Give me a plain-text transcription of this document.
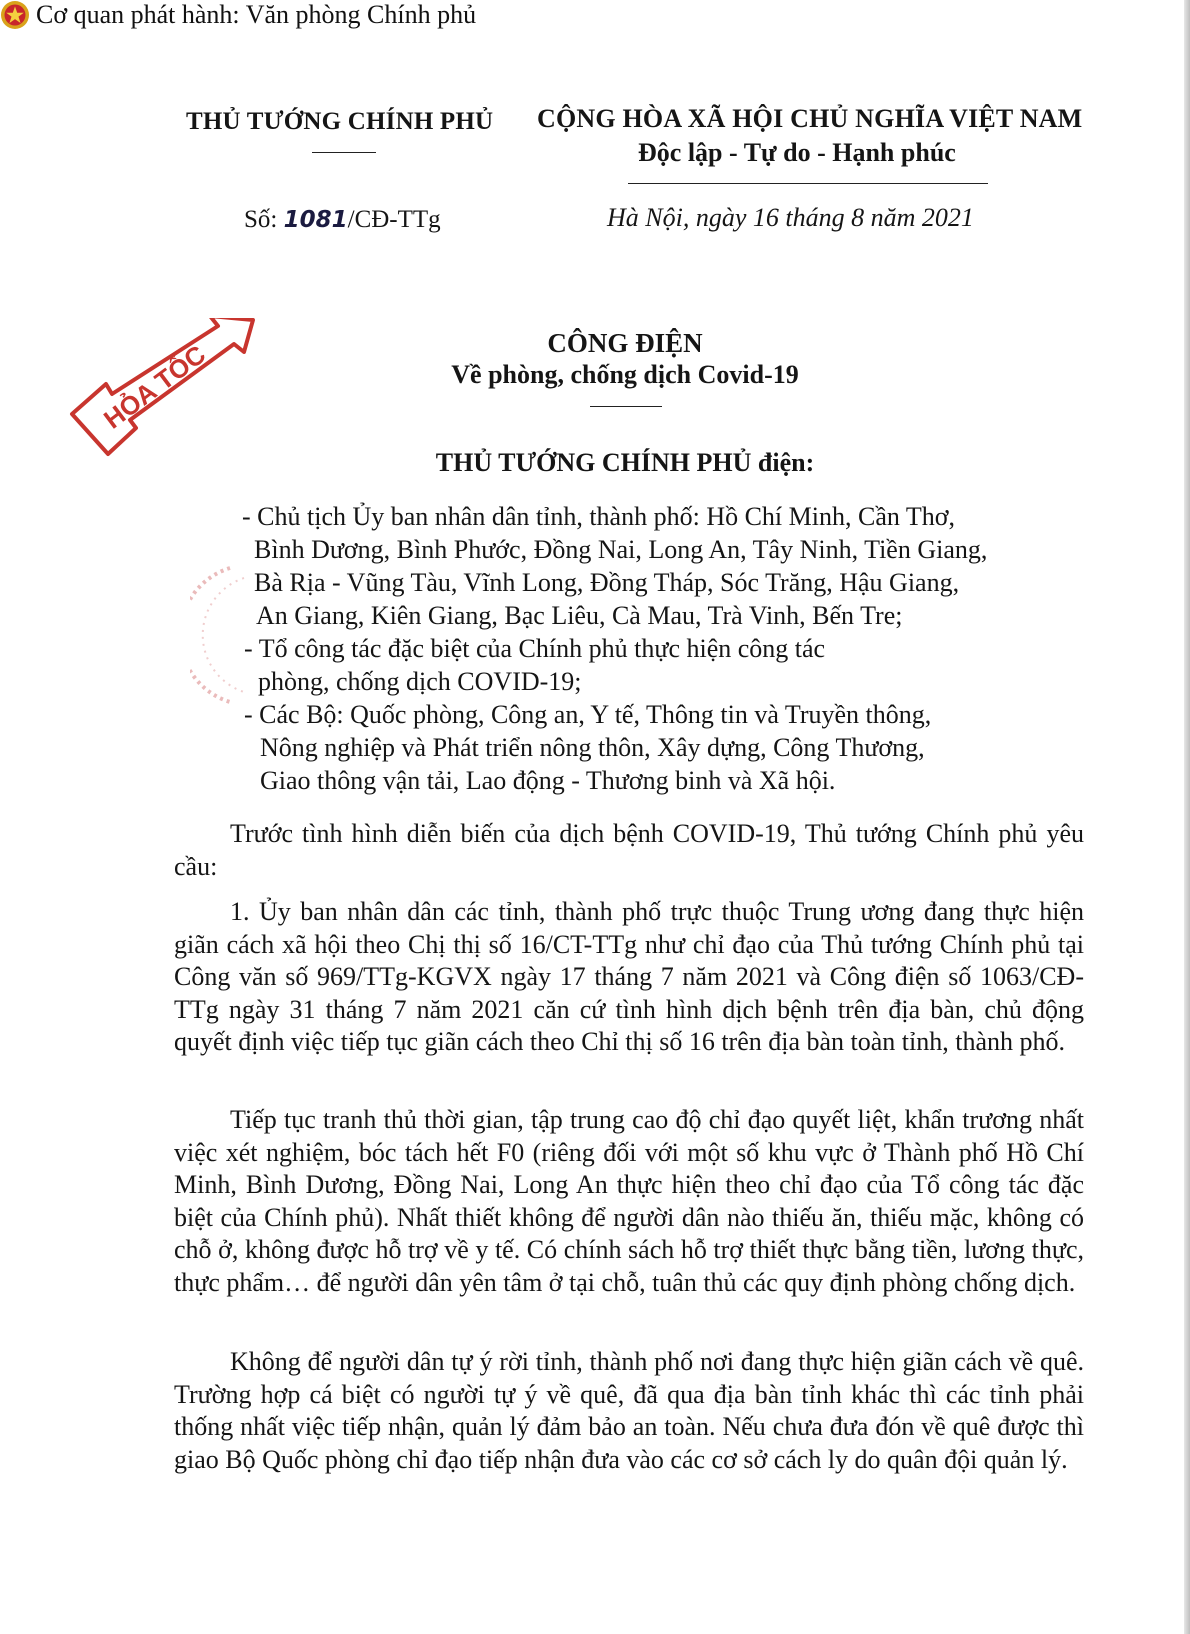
Cơ quan phát hành: Văn phòng Chính phủ
THỦ TƯỚNG CHÍNH PHỦ CỘNG HÒA XÃ HỘI CHỦ NGHĨA VIỆT NAM
Độc lập - Tự do - Hạnh phúc
Số: 1081/CĐ-TTg	Hà Nội, ngày 16 tháng 8 năm 2021
HỎA TỐC	CÔNG ĐIỆN
Về phòng, chống dịch Covid-19
THỦ TƯỚNG CHÍNH PHỦ điện:
- Chủ tịch Ủy ban nhân dân tỉnh, thành phố: Hồ Chí Minh, Cần Thơ,
Bình Dương, Bình Phước, Đồng Nai, Long An, Tây Ninh, Tiền Giang,
Bà Rịa - Vũng Tàu, Vĩnh Long, Đồng Tháp, Sóc Trăng, Hậu Giang,
An Giang, Kiên Giang, Bạc Liêu, Cà Mau, Trà Vinh, Bến Tre;
- Tổ công tác đặc biệt của Chính phủ thực hiện công tác
phòng, chống dịch COVID-19;
- Các Bộ: Quốc phòng, Công an, Y tế, Thông tin và Truyền thông,
Nông nghiệp và Phát triển nông thôn, Xây dựng, Công Thương,
Giao thông vận tải, Lao động - Thương binh và Xã hội.

Trước tình hình diễn biến của dịch bệnh COVID-19, Thủ tướng Chính phủ yêu cầu:

1. Ủy ban nhân dân các tỉnh, thành phố trực thuộc Trung ương đang thực hiện giãn cách xã hội theo Chị thị số 16/CT-TTg như chỉ đạo của Thủ tướng Chính phủ tại Công văn số 969/TTg-KGVX ngày 17 tháng 7 năm 2021 và Công điện số 1063/CĐ-TTg ngày 31 tháng 7 năm 2021 căn cứ tình hình dịch bệnh trên địa bàn, chủ động quyết định việc tiếp tục giãn cách theo Chỉ thị số 16 trên địa bàn toàn tỉnh, thành phố.

Tiếp tục tranh thủ thời gian, tập trung cao độ chỉ đạo quyết liệt, khẩn trương nhất việc xét nghiệm, bóc tách hết F0 (riêng đối với một số khu vực ở Thành phố Hồ Chí Minh, Bình Dương, Đồng Nai, Long An thực hiện theo chỉ đạo của Tổ công tác đặc biệt của Chính phủ). Nhất thiết không để người dân nào thiếu ăn, thiếu mặc, không có chỗ ở, không được hỗ trợ về y tế. Có chính sách hỗ trợ thiết thực bằng tiền, lương thực, thực phẩm… để người dân yên tâm ở tại chỗ, tuân thủ các quy định phòng chống dịch.

Không để người dân tự ý rời tỉnh, thành phố nơi đang thực hiện giãn cách về quê. Trường hợp cá biệt có người tự ý về quê, đã qua địa bàn tỉnh khác thì các tỉnh phải thống nhất việc tiếp nhận, quản lý đảm bảo an toàn. Nếu chưa đưa đón về quê được thì giao Bộ Quốc phòng chỉ đạo tiếp nhận đưa vào các cơ sở cách ly do quân đội quản lý.
